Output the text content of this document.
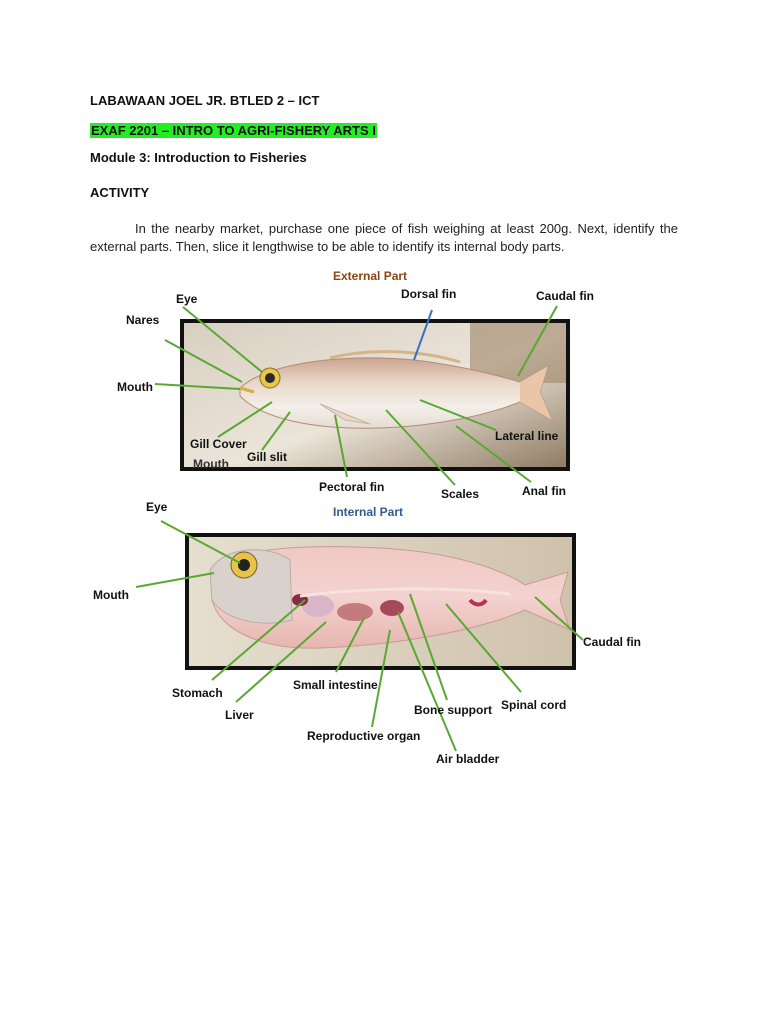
LABAWAAN JOEL JR. BTLED 2 – ICT
EXAF 2201 – INTRO TO AGRI-FISHERY ARTS I
Module 3: Introduction to Fisheries
ACTIVITY
In the nearby market, purchase one piece of fish weighing at least 200g. Next, identify the external parts. Then, slice it lengthwise to be able to identify its internal body parts.
External Part
Internal Part
Eye
Nares
Mouth
Gill Cover
Mouth Gill slit
Dorsal fin	Caudal fin
Lateral line
Pectoral fin	Scales	Anal fin
Eye
Mouth
Caudal fin
Stomach
Small intestine
Liver	Bone support Spinal cord
Reproductive organ
Air bladder
